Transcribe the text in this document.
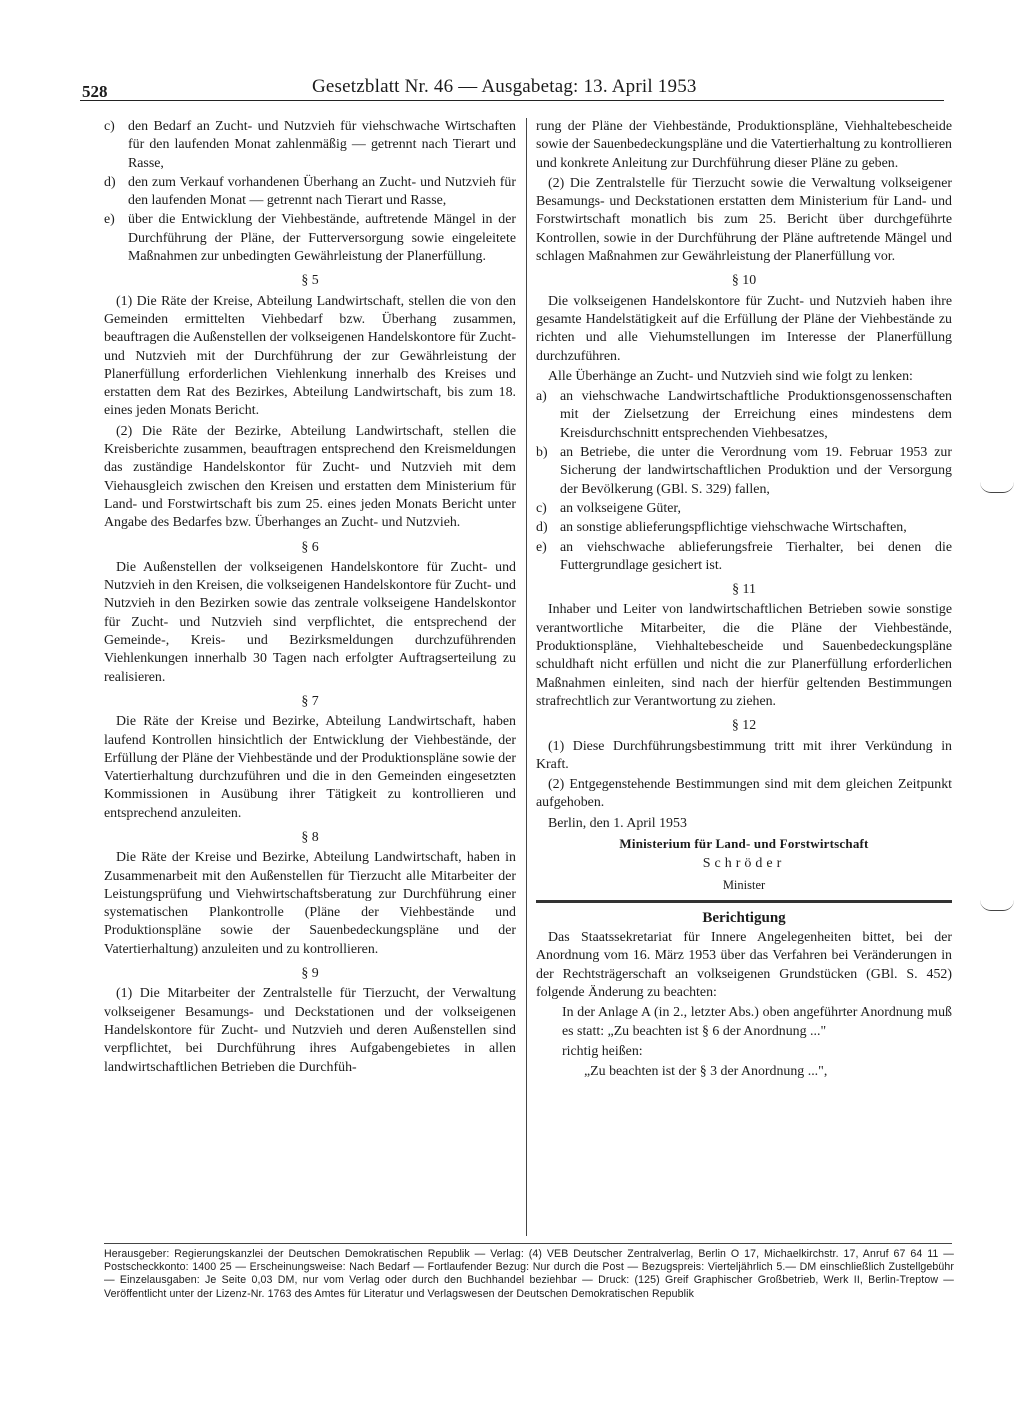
528	Gesetzblatt Nr. 46 — Ausgabetag: 13. April 1953
c) den Bedarf an Zucht- und Nutzvieh für viehschwache Wirtschaften für den laufenden Monat zahlenmäßig — getrennt nach Tierart und Rasse,
d) den zum Verkauf vorhandenen Überhang an Zucht- und Nutzvieh für den laufenden Monat — getrennt nach Tierart und Rasse,
e) über die Entwicklung der Viehbestände, auftretende Mängel in der Durchführung der Pläne, der Futterversorgung sowie eingeleitete Maßnahmen zur unbedingten Gewährleistung der Planerfüllung.

§ 5

(1) Die Räte der Kreise, Abteilung Landwirtschaft, stellen die von den Gemeinden ermittelten Viehbedarf bzw. Überhang zusammen, beauftragen die Außenstellen der volkseigenen Handelskontore für Zucht- und Nutzvieh mit der Durchführung der zur Gewährleistung der Planerfüllung erforderlichen Viehlenkung innerhalb des Kreises und erstatten dem Rat des Bezirkes, Abteilung Landwirtschaft, bis zum 18. eines jeden Monats Bericht.

(2) Die Räte der Bezirke, Abteilung Landwirtschaft, stellen die Kreisberichte zusammen, beauftragen entsprechend den Kreismeldungen das zuständige Handelskontor für Zucht- und Nutzvieh mit dem Viehausgleich zwischen den Kreisen und erstatten dem Ministerium für Land- und Forstwirtschaft bis zum 25. eines jeden Monats Bericht unter Angabe des Bedarfes bzw. Überhanges an Zucht- und Nutzvieh.

§ 6

Die Außenstellen der volkseigenen Handelskontore für Zucht- und Nutzvieh in den Kreisen, die volkseigenen Handelskontore für Zucht- und Nutzvieh in den Bezirken sowie das zentrale volkseigene Handelskontor für Zucht- und Nutzvieh sind verpflichtet, die entsprechend der Gemeinde-, Kreis- und Bezirksmeldungen durchzuführenden Viehlenkungen innerhalb 30 Tagen nach erfolgter Auftragserteilung zu realisieren.

§ 7

Die Räte der Kreise und Bezirke, Abteilung Landwirtschaft, haben laufend Kontrollen hinsichtlich der Entwicklung der Viehbestände, der Erfüllung der Pläne der Viehbestände und der Produktionspläne sowie der Vatertierhaltung durchzuführen und die in den Gemeinden eingesetzten Kommissionen in Ausübung ihrer Tätigkeit zu kontrollieren und entsprechend anzuleiten.

§ 8

Die Räte der Kreise und Bezirke, Abteilung Landwirtschaft, haben in Zusammenarbeit mit den Außenstellen für Tierzucht alle Mitarbeiter der Leistungsprüfung und Viehwirtschaftsberatung zur Durchführung einer systematischen Plankontrolle (Pläne der Viehbestände und Produktionspläne sowie der Sauenbedeckungspläne und der Vatertierhaltung) anzuleiten und zu kontrollieren.

§ 9

(1) Die Mitarbeiter der Zentralstelle für Tierzucht, der Verwaltung volkseigener Besamungs- und Deckstationen und der volkseigenen Handelskontore für Zucht- und Nutzvieh und deren Außenstellen sind verpflichtet, bei Durchführung ihres Aufgabengebietes in allen landwirtschaftlichen Betrieben die Durchfüh-

rung der Pläne der Viehbestände, Produktionspläne, Viehhaltebescheide sowie der Sauenbedeckungspläne und die Vatertierhaltung zu kontrollieren und konkrete Anleitung zur Durchführung dieser Pläne zu geben.

(2) Die Zentralstelle für Tierzucht sowie die Verwaltung volkseigener Besamungs- und Deckstationen erstatten dem Ministerium für Land- und Forstwirtschaft monatlich bis zum 25. Bericht über durchgeführte Kontrollen, sowie in der Durchführung der Pläne auftretende Mängel und schlagen Maßnahmen zur Gewährleistung der Planerfüllung vor.

§ 10

Die volkseigenen Handelskontore für Zucht- und Nutzvieh haben ihre gesamte Handelstätigkeit auf die Erfüllung der Pläne der Viehbestände zu richten und alle Viehumstellungen im Interesse der Planerfüllung durchzuführen.

Alle Überhänge an Zucht- und Nutzvieh sind wie folgt zu lenken:

a) an viehschwache Landwirtschaftliche Produktionsgenossenschaften mit der Zielsetzung der Erreichung eines mindestens dem Kreisdurchschnitt entsprechenden Viehbesatzes,
b) an Betriebe, die unter die Verordnung vom 19. Februar 1953 zur Sicherung der landwirtschaftlichen Produktion und der Versorgung der Bevölkerung (GBl. S. 329) fallen,
c) an volkseigene Güter,
d) an sonstige ablieferungspflichtige viehschwache Wirtschaften,
e) an viehschwache ablieferungsfreie Tierhalter, bei denen die Futtergrundlage gesichert ist.

§ 11

Inhaber und Leiter von landwirtschaftlichen Betrieben sowie sonstige verantwortliche Mitarbeiter, die die Pläne der Viehbestände, Produktionspläne, Viehhaltebescheide und Sauenbedeckungspläne schuldhaft nicht erfüllen und nicht die zur Planerfüllung erforderlichen Maßnahmen einleiten, sind nach der hierfür geltenden Bestimmungen strafrechtlich zur Verantwortung zu ziehen.

§ 12

(1) Diese Durchführungsbestimmung tritt mit ihrer Verkündung in Kraft.

(2) Entgegenstehende Bestimmungen sind mit dem gleichen Zeitpunkt aufgehoben.

Berlin, den 1. April 1953

Ministerium für Land- und Forstwirtschaft

Schröder

Minister

Berichtigung

Das Staatssekretariat für Innere Angelegenheiten bittet, bei der Anordnung vom 16. März 1953 über das Verfahren bei Veränderungen in der Rechtsträgerschaft an volkseigenen Grundstücken (GBl. S. 452) folgende Änderung zu beachten:

In der Anlage A (in 2., letzter Abs.) oben angeführter Anordnung muß es statt: „Zu beachten ist § 6 der Anordnung ..."

richtig heißen:

„Zu beachten ist der § 3 der Anordnung ...",

Herausgeber: Regierungskanzlei der Deutschen Demokratischen Republik — Verlag: (4) VEB Deutscher Zentralverlag, Berlin O 17, Michaelkirchstr. 17, Anruf 67 64 11 — Postscheckkonto: 1400 25 — Erscheinungsweise: Nach Bedarf — Fortlaufender Bezug: Nur durch die Post — Bezugspreis: Vierteljährlich 5.— DM einschließlich Zustellgebühr — Einzelausgaben: Je Seite 0,03 DM, nur vom Verlag oder durch den Buchhandel beziehbar — Druck: (125) Greif Graphischer Großbetrieb, Werk II, Berlin-Treptow — Veröffentlicht unter der Lizenz-Nr. 1763 des Amtes für Literatur und Verlagswesen der Deutschen Demokratischen Republik
